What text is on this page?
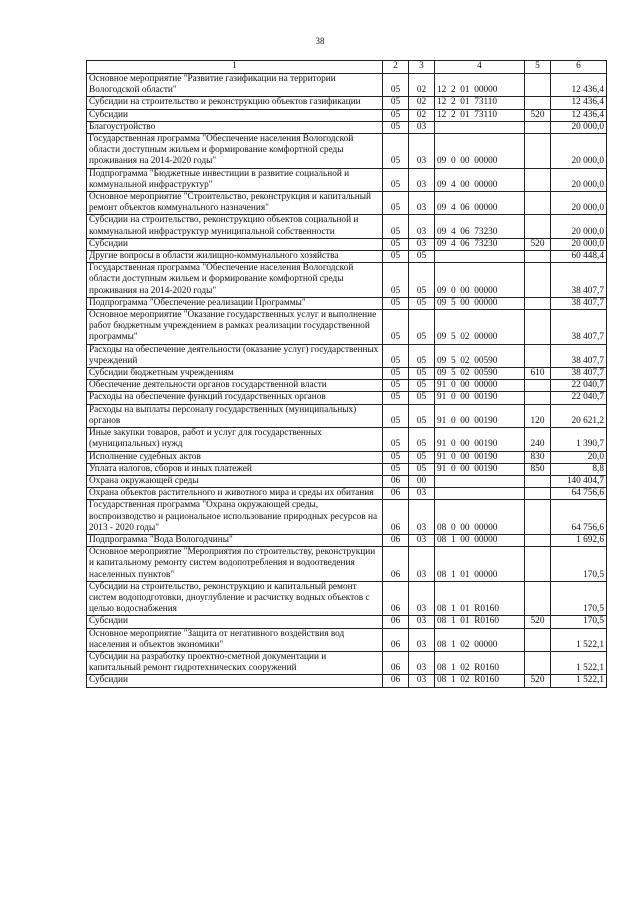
38
1	2	3	4	5	6
Основное мероприятие "Развитие газификации на территории Вологодской области"	05	02	12  2  01  00000		12 436,4
Субсидии на строительство и реконструкцию объектов газификации	05	02	12  2  01  73110		12 436,4
Субсидии	05	02	12  2  01  73110	520	12 436,4
Благоустройство	05	03			20 000,0
Государственная программа "Обеспечение населения Вологодской области доступным жильем и формирование комфортной среды проживания на 2014-2020 годы"	05	03	09  0  00  00000		20 000,0
Подпрограмма "Бюджетные инвестиции в развитие социальной и коммунальной инфраструктур"	05	03	09  4  00  00000		20 000,0
Основное мероприятие "Строительство, реконструкция и капитальный ремонт объектов коммунального назначения"	05	03	09  4  06  00000		20 000,0
Субсидии на строительство, реконструкцию объектов социальной и коммунальной инфраструктур муниципальной собственности	05	03	09  4  06  73230		20 000,0
Субсидии	05	03	09  4  06  73230	520	20 000,0
Другие вопросы в области жилищно-коммунального хозяйства	05	05			60 448,4
Государственная программа "Обеспечение населения Вологодской области доступным жильем и формирование комфортной среды проживания на 2014-2020 годы"	05	05	09  0  00  00000		38 407,7
Подпрограмма "Обеспечение реализации Программы"	05	05	09  5  00  00000		38 407,7
Основное мероприятие "Оказание государственных услуг и выполнение работ бюджетным учреждением в рамках реализации государственной программы"	05	05	09  5  02  00000		38 407,7
Расходы на обеспечение деятельности (оказание услуг) государственных учреждений	05	05	09  5  02  00590		38 407,7
Субсидии бюджетным учреждениям	05	05	09  5  02  00590	610	38 407,7
Обеспечение деятельности органов государственной власти	05	05	91  0  00  00000		22 040,7
Расходы на обеспечение функций государственных органов	05	05	91  0  00  00190		22 040,7
Расходы на выплаты персоналу государственных (муниципальных) органов	05	05	91  0  00  00190	120	20 621,2
Иные закупки товаров, работ и услуг для государственных (муниципальных) нужд	05	05	91  0  00  00190	240	1 390,7
Исполнение судебных актов	05	05	91  0  00  00190	830	20,0
Уплата налогов, сборов и иных платежей	05	05	91  0  00  00190	850	8,8
Охрана окружающей среды	06	00			140 404,7
Охрана объектов растительного и животного мира и среды их обитания	06	03			64 756,6
Государственная программа "Охрана окружающей среды, воспроизводство и рациональное использование природных ресурсов на 2013 - 2020 годы"	06	03	08  0  00  00000		64 756,6
Подпрограмма "Вода Вологодчины"	06	03	08  1  00  00000		1 692,6
Основное мероприятие "Мероприятия по строительству, реконструкции и капитальному ремонту систем водопотребления и водоотведения населенных пунктов"	06	03	08  1  01  00000		170,5
Субсидии на строительство, реконструкцию и капитальный ремонт систем водоподготовки, дноуглубление и расчистку водных объектов с целью водоснабжения	06	03	08  1  01  R0160		170,5
Субсидии	06	03	08  1  01  R0160	520	170,5
Основное мероприятие "Защита от негативного воздействия вод населения и объектов экономики"	06	03	08  1  02  00000		1 522,1
Субсидии на разработку проектно-сметной документации и капитальный ремонт гидротехнических сооружений	06	03	08  1  02  R0160		1 522,1
Субсидии	06	03	08  1  02  R0160	520	1 522,1
